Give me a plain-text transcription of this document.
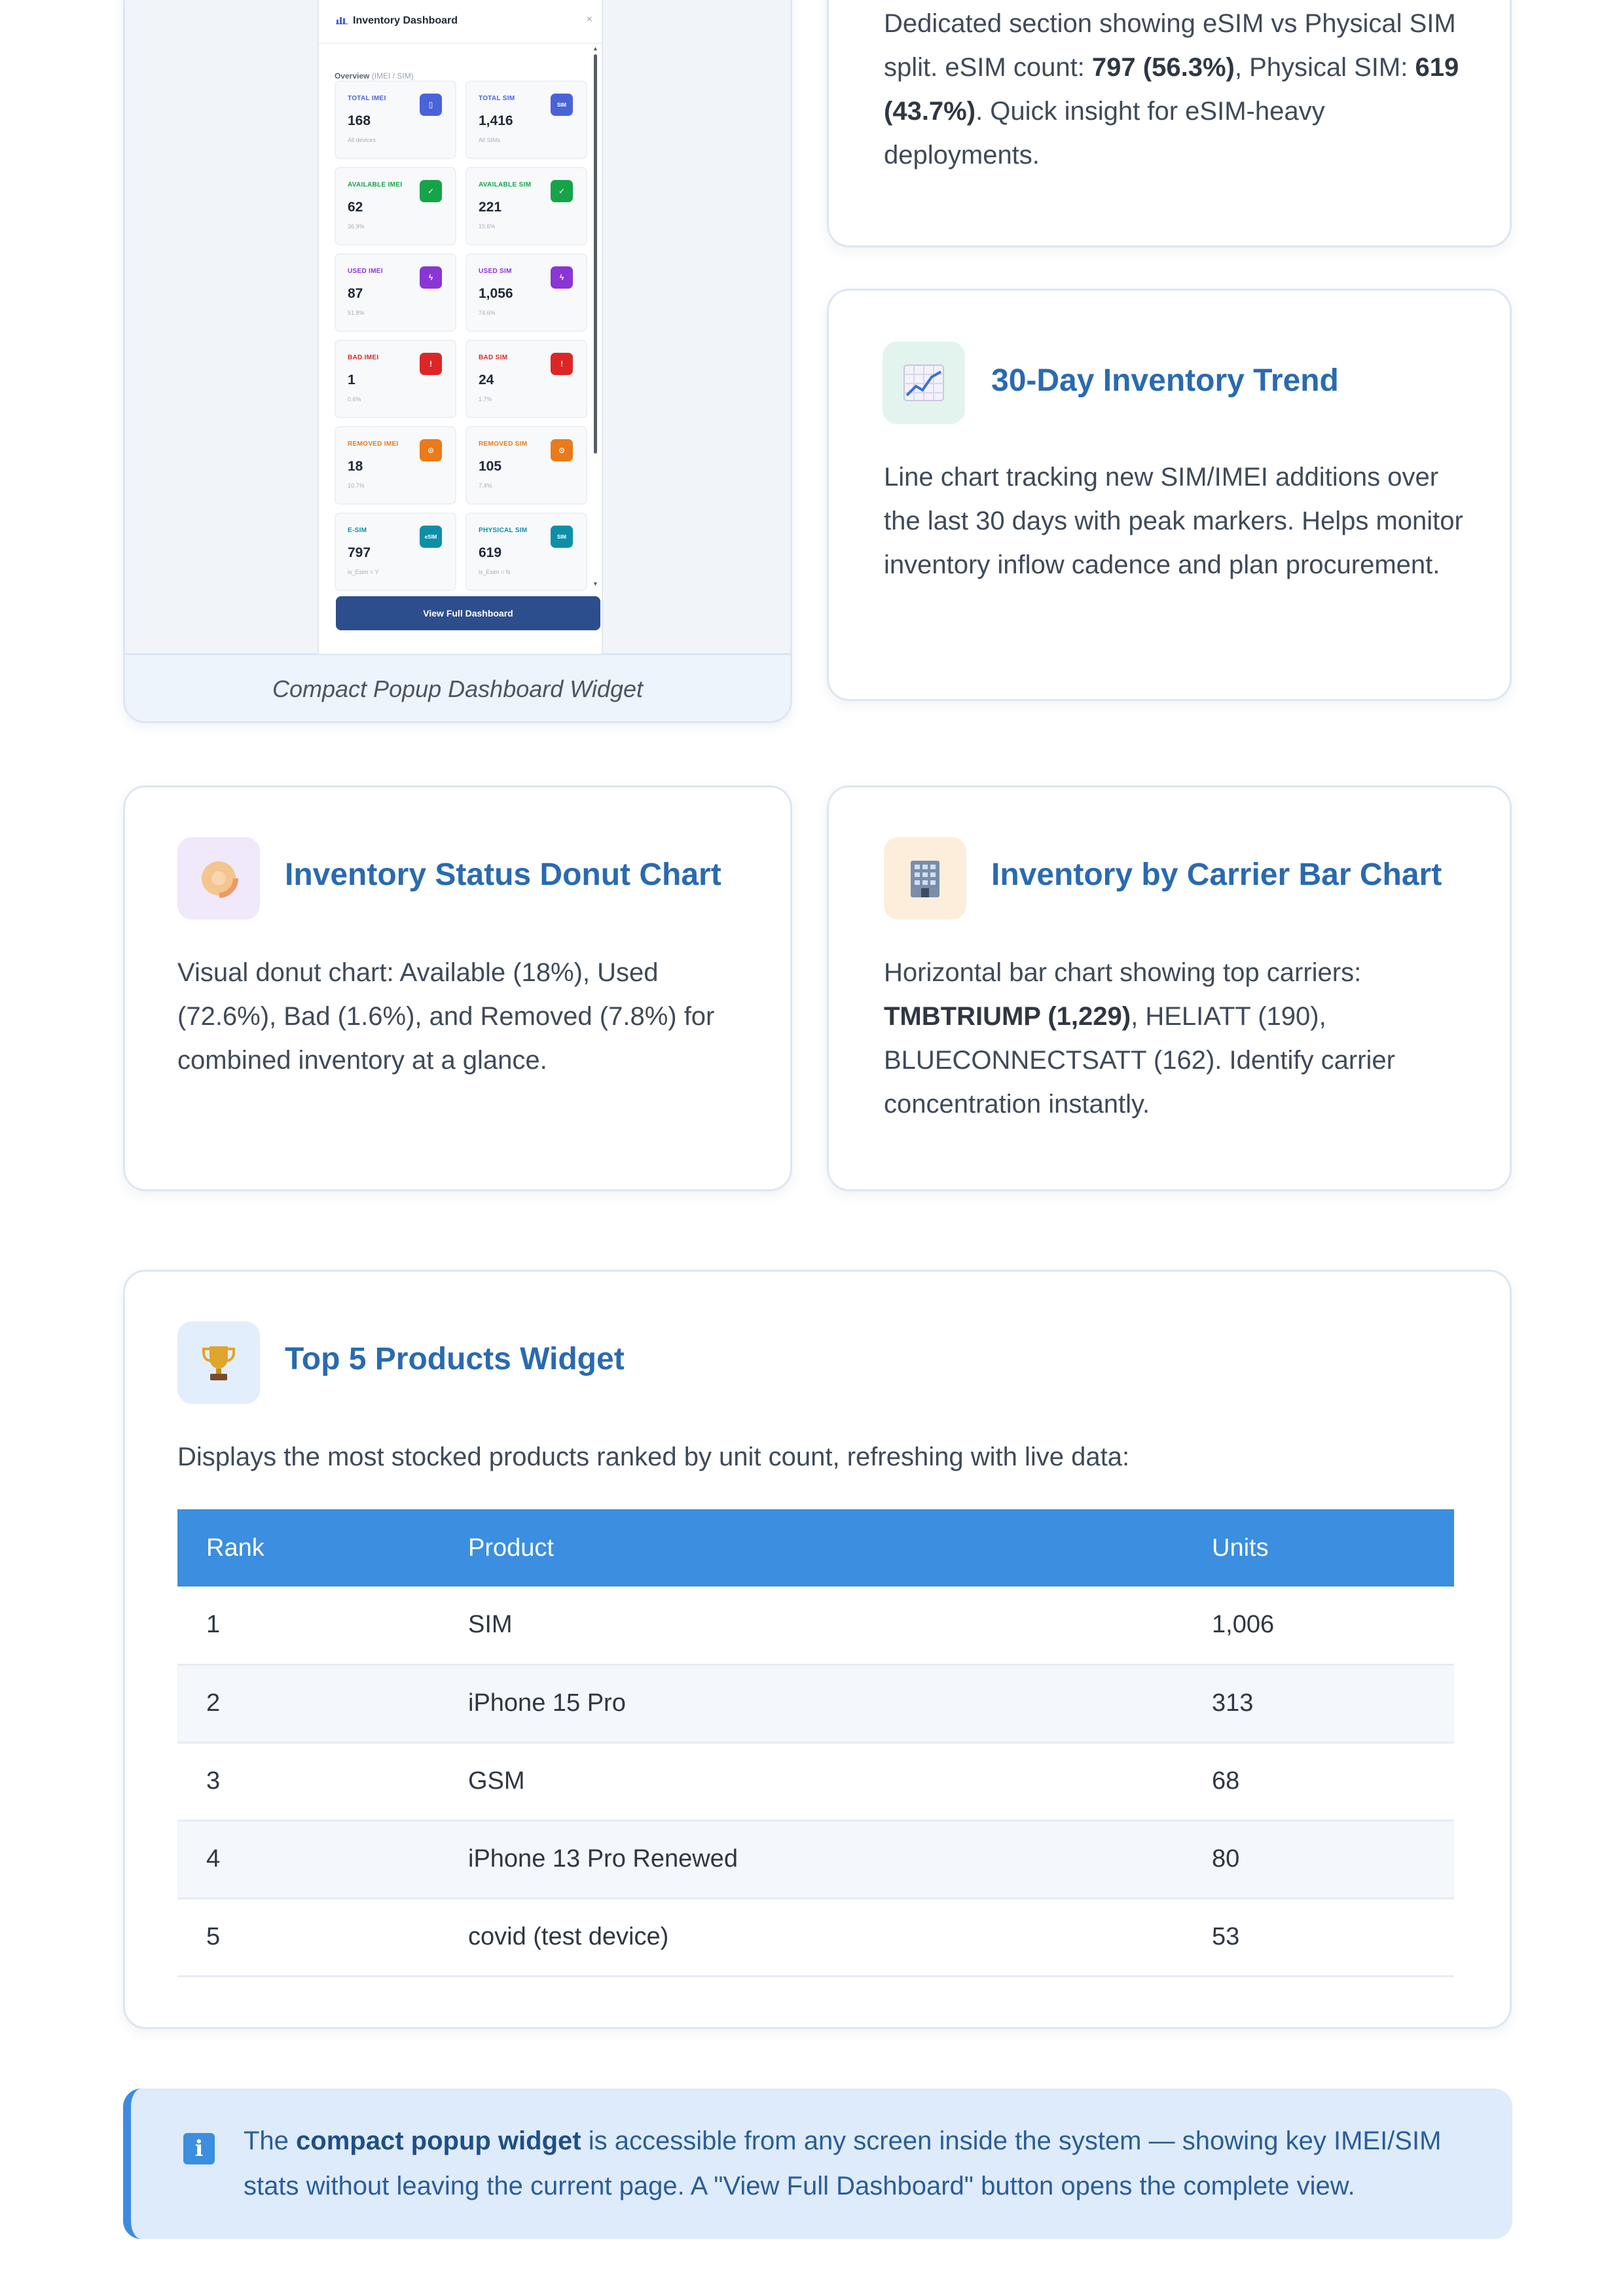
Inventory Dashboard	×
Overview (IMEI / SIM)
▲
▼
TOTAL IMEI
168
All devices
▯
TOTAL SIM
1,416
All SIMs
SIM
AVAILABLE IMEI
62
36.9%
✓
AVAILABLE SIM
221
15.6%
✓
USED IMEI
87
51.8%
ϟ
USED SIM
1,056
74.6%
ϟ
BAD IMEI
1
0.6%
!
BAD SIM
24
1.7%
!
REMOVED IMEI
18
10.7%
⊙
REMOVED SIM
105
7.4%
⊙
E-SIM
797
is_Esim = Y
eSIM
PHYSICAL SIM
619
is_Esim = N
SIM
View Full Dashboard
Compact Popup Dashboard Widget
Dedicated section showing eSIM vs Physical SIM split. eSIM count: 797 (56.3%), Physical SIM: 619 (43.7%). Quick insight for eSIM-heavy deployments.
30-Day Inventory Trend
Line chart tracking new SIM/IMEI additions over the last 30 days with peak markers. Helps monitor inventory inflow cadence and plan procurement.
Inventory Status Donut Chart
Visual donut chart: Available (18%), Used (72.6%), Bad (1.6%), and Removed (7.8%) for combined inventory at a glance.
Inventory by Carrier Bar Chart
Horizontal bar chart showing top carriers: TMBTRIUMP (1,229), HELIATT (190), BLUECONNECTSATT (162). Identify carrier concentration instantly.
Top 5 Products Widget
Displays the most stocked products ranked by unit count, refreshing with live data:
Rank	Product	Units
1	SIM	1,006
2	iPhone 15 Pro	313
3	GSM	68
4	iPhone 13 Pro Renewed	80
5	covid (test device)	53
i	The compact popup widget is accessible from any screen inside the system — showing key IMEI/SIM stats without leaving the current page. A "View Full Dashboard" button opens the complete view.
